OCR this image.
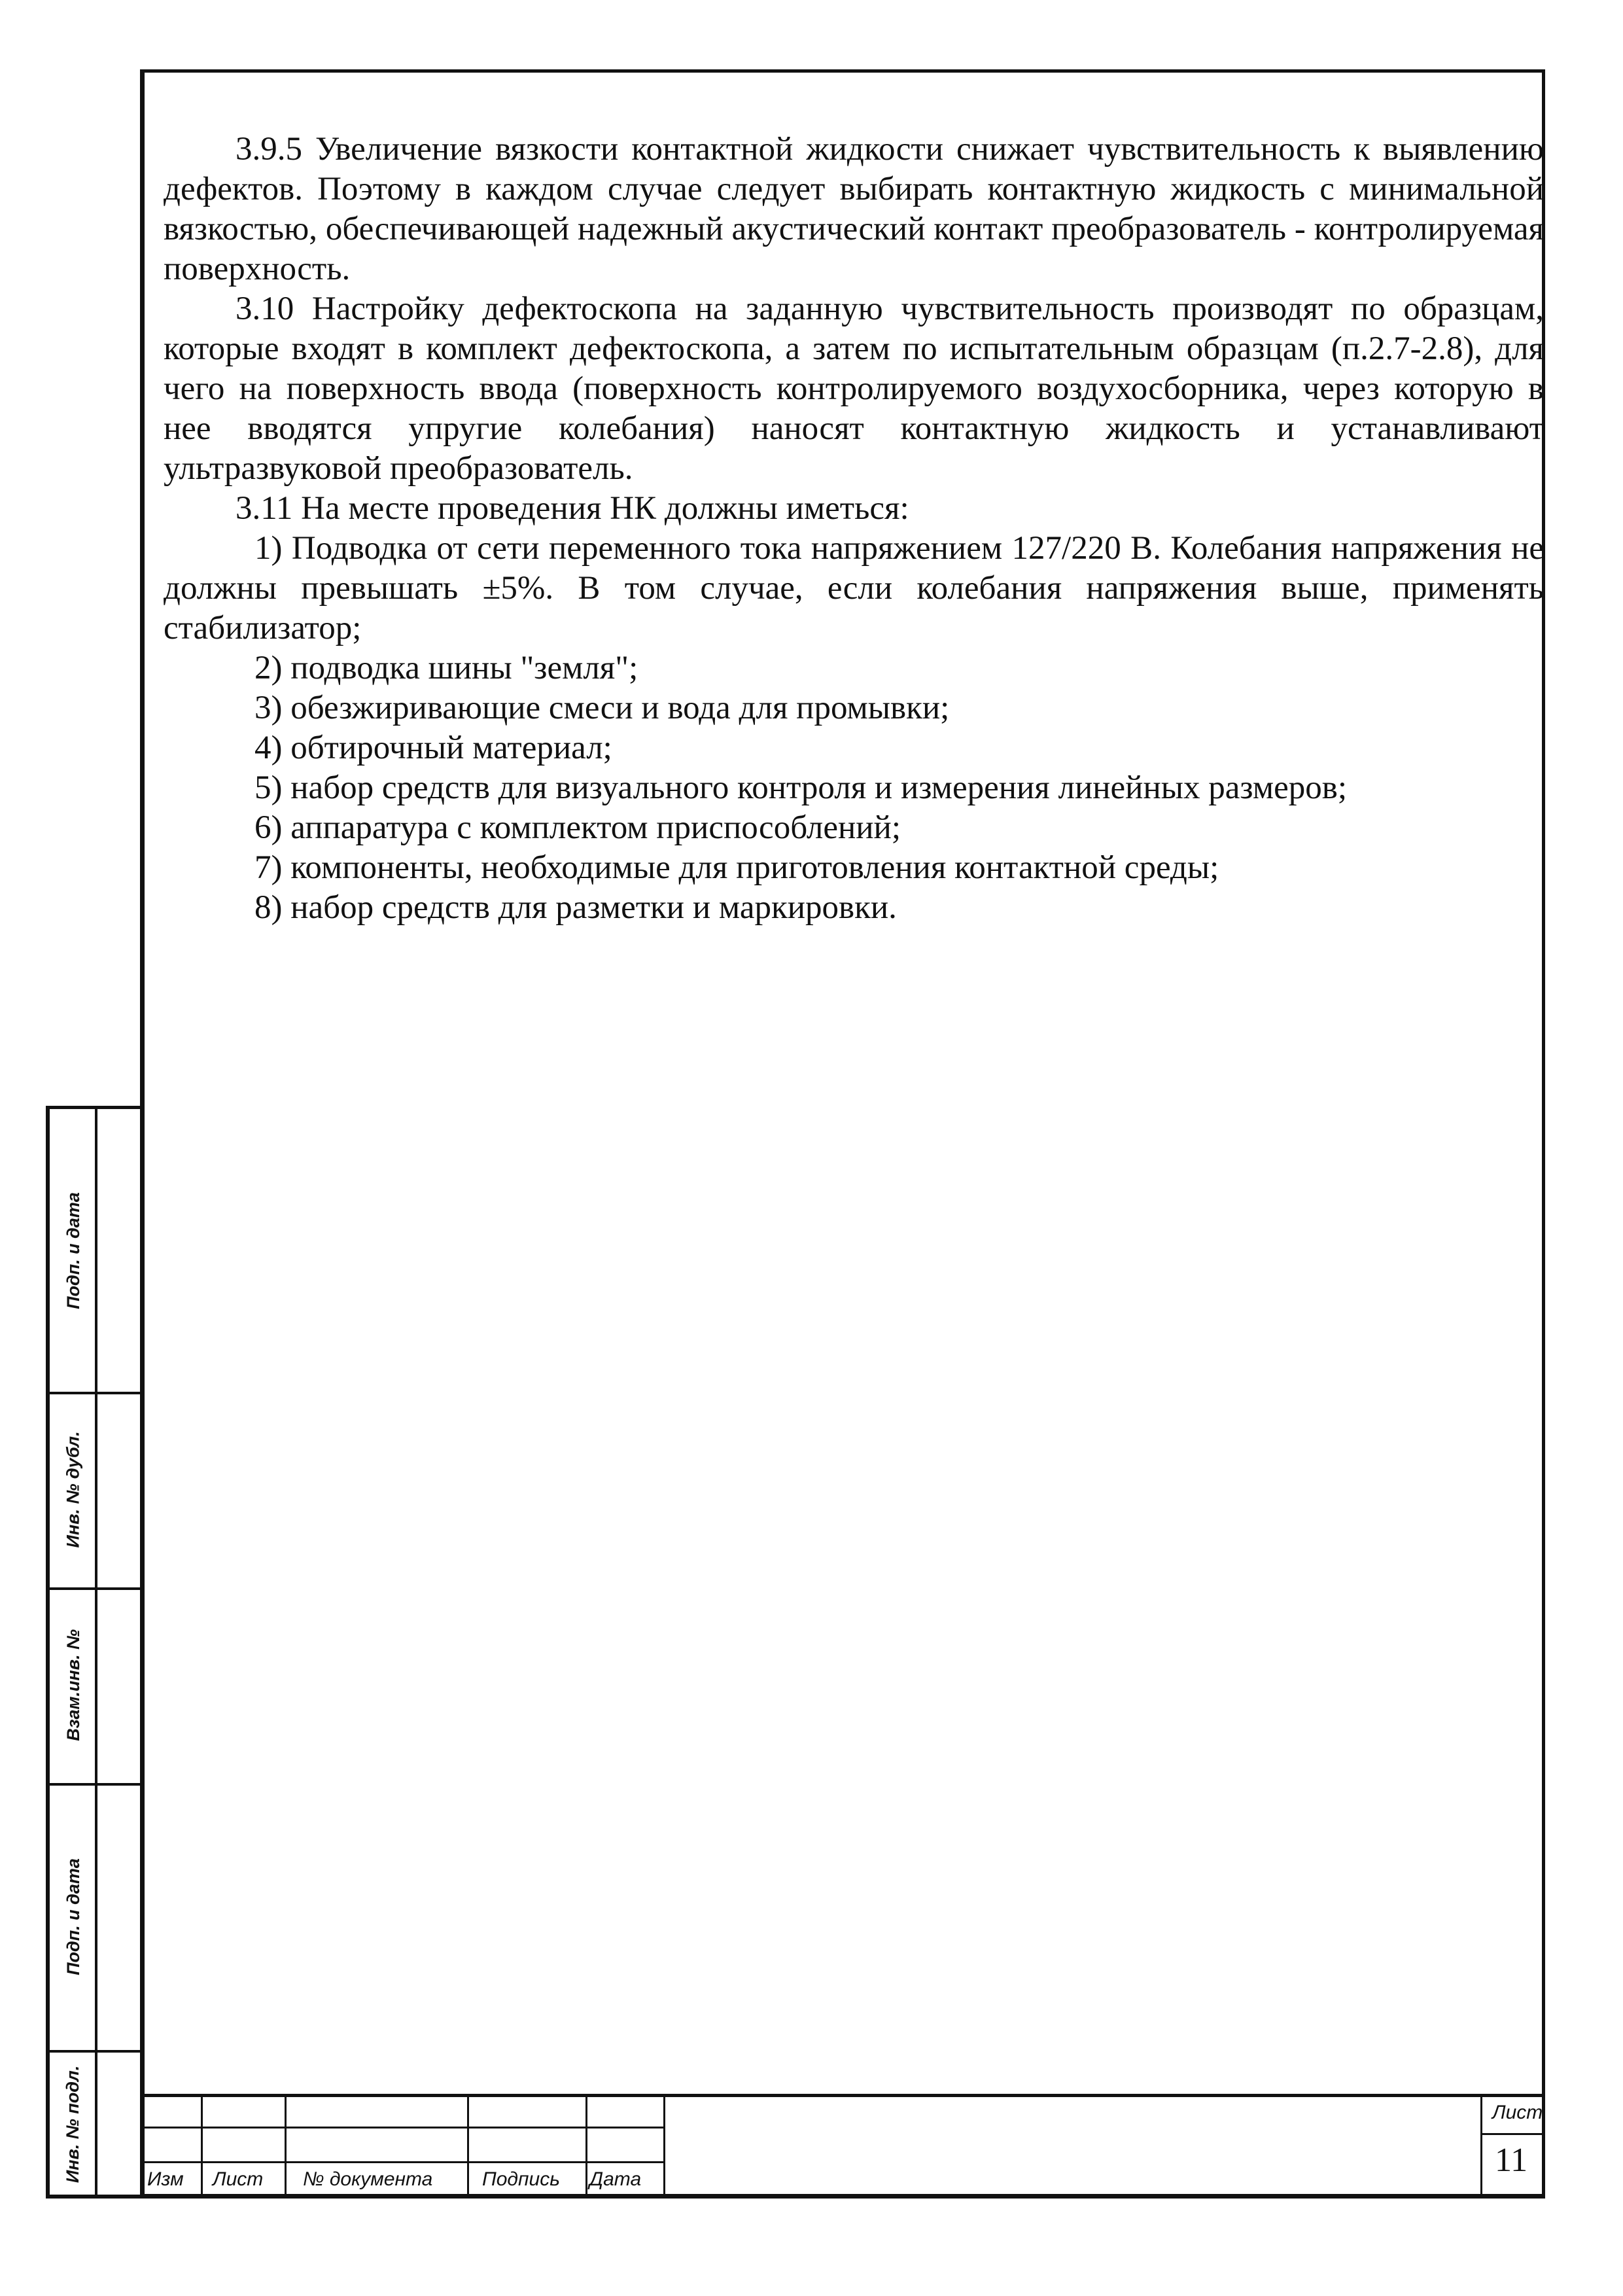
3.9.5 Увеличение вязкости контактной жидкости снижает чувствительность к выявлению дефектов. Поэтому в каждом случае следует выбирать контактную жидкость с минимальной вязкостью, обеспечивающей надежный акустический контакт преобразователь - контролируемая поверхность.

3.10 Настройку дефектоскопа на заданную чувствительность производят по образцам, которые входят в комплект дефектоскопа, а затем по испытательным образцам (п.2.7-2.8), для чего на поверхность ввода (поверхность контролируемого воздухосборника, через которую в нее вводятся упругие колебания) наносят контактную жидкость и устанавливают ультразвуковой преобразователь.

3.11 На месте проведения НК должны иметься:

1) Подводка от сети переменного тока напряжением 127/220 В. Колебания напряжения не должны превышать ±5%. В том случае, если колебания напряжения выше, применять стабилизатор;

2) подводка шины "земля";

3) обезжиривающие смеси и вода для промывки;

4) обтирочный материал;

5) набор средств для визуального контроля и измерения линейных размеров;

6) аппаратура с комплектом приспособлений;

7) компоненты, необходимые для приготовления контактной среды;

8) набор средств для разметки и маркировки.

Подп. и дата
Инв. № дубл.
Взам.инв. №
Подп. и дата
Инв. № подл.	Изм Лист № документа	Подпись Дата
Лист
11
